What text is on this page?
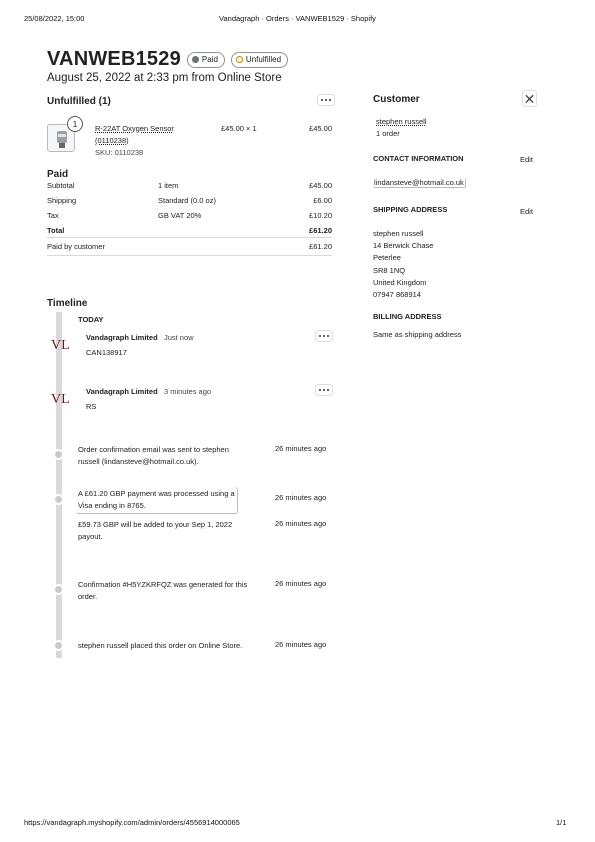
25/08/2022, 15:00	Vandagraph · Orders · VANWEB1529 · Shopify
VANWEB1529	Paid	Unfulfilled
August 25, 2022 at 2:33 pm from Online Store
Unfulfilled (1)
1	R-22AT Oxygen Sensor
(0110238)
SKU: 0110238
£45.00 × 1	£45.00
Paid
Subtotal	1 item	£45.00
Shipping	Standard (0.0 oz)	£6.00
Tax	GB VAT 20%	£10.20
Total	£61.20
Paid by customer	£61.20
Timeline
TODAY
VL
Vandagraph Limited Just now
CAN138917
VL
Vandagraph Limited 3 minutes ago
RS
Order confirmation email was sent to stephen
russell (lindansteve@hotmail.co.uk).
26 minutes ago
A £61.20 GBP payment was processed using a
Visa ending in 8765.
26 minutes ago
£59.73 GBP will be added to your Sep 1, 2022
payout.
26 minutes ago
Confirmation #H5YZKRFQZ was generated for this
order.
26 minutes ago
stephen russell placed this order on Online Store.	26 minutes ago
Customer	✕
stephen russell
1 order
CONTACT INFORMATION	Edit
lindansteve@hotmail.co.uk
SHIPPING ADDRESS	Edit
stephen russell
14 Berwick Chase
Peterlee
SR8 1NQ
United Kingdom
07947 868914
BILLING ADDRESS
Same as shipping address
https://vandagraph.myshopify.com/admin/orders/4556914000065	1/1
